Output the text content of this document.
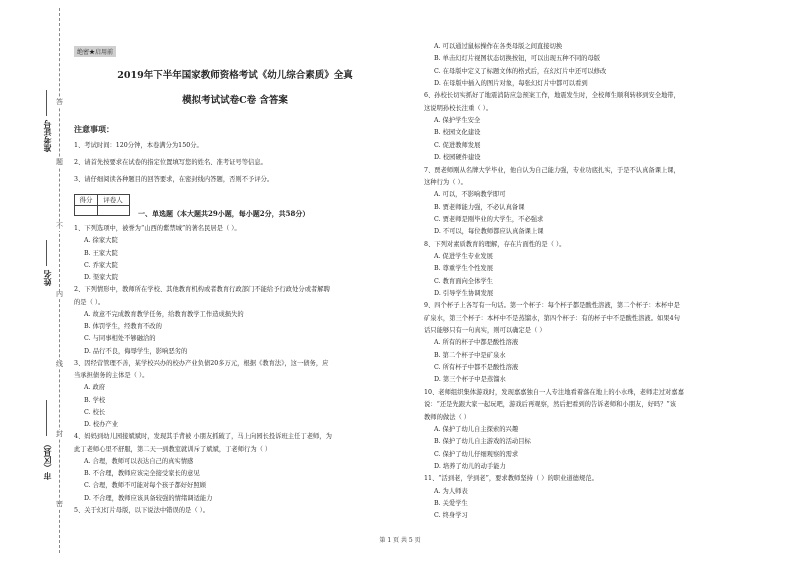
准考证号
姓名
市（区县）
答
题
不
内
线
封
密
绝密★启用前
2019年下半年国家教师资格考试《幼儿综合素质》全真
模拟考试试卷C卷 含答案
注意事项：
1、考试时间：120分钟，本卷满分为150分。
2、请首先按要求在试卷的指定位置填写您的姓名、准考证号等信息。
3、请仔细阅读各种题目的回答要求，在密封线内答题，否则不予评分。
得分	评卷人
一、单选题（本大题共29小题，每小题2分，共58分）
1、下列选项中，被誉为“山西的紫禁城”的著名民居是（ ）。
A. 徐家大院
B. 王家大院
C. 乔家大院
D. 渠家大院
2、下列情形中，教师所在学校、其他教育机构或者教育行政部门不能给予行政处分或者解聘
的是（ ）。
A. 故意不完成教育教学任务，给教育教学工作造成损失的
B. 体罚学生，经教育不改的
C. 与同事相处不够融洽的
D. 品行不良，侮辱学生，影响恶劣的
3、因经营管理不善，某学校兴办的校办产业负债20多万元，根据《教育法》，这一债务，应
当承担债务的主体是（ ）。
A. 政府
B. 学校
C. 校长
D. 校办产业
4、妈妈到幼儿园接斌斌时，发现其手背被 小朋友抓破了，马上向园长投诉班主任丁老师，为
此丁老师心里不舒服，第二天一到教室就训斥了斌斌，丁老师行为（ ）
A. 合理，教师可以表达自己的真实情感
B. 不合理，教师应该完全接受家长的意见
C. 合理，教师不可能对每个孩子都好好照顾
D. 不合理，教师应该具备较强的情绪调适能力
5、关于幻灯片母版，以下说法中错误的是（ ）。
A. 可以通过鼠标操作在各类母版之间直接切换
B. 单击幻灯片视图状态切换按钮，可以出现五种不同的母版
C. 在母版中定义了标题文体的格式后，在幻灯片中还可以修改
D. 在母版中插入的图片对象，每张幻灯片中都可以看到
6、孙校长切实抓好了地震消防应急预案工作，地震发生时，全校师生顺利转移到安全地带，
这说明孙校长注重（ ）。
A. 保护学生安全
B. 校园文化建设
C. 促进教师发展
D. 校园硬件建设
7、贾老师刚从名牌大学毕业，他自认为自己能力强，专业功底扎实，于是不认真备课上课，
这种行为（ ）。
A. 可以，不影响教学即可
B. 贾老师能力强，不必认真备课
C. 贾老师是刚毕业的大学生，不必强求
D. 不可以，每位教师都应认真备课上课
8、下列对素质教育的理解，存在片面性的是（ ）。
A. 促进学生专业发展
B. 尊重学生个性发展
C. 教育面向全体学生
D. 引导学生协调发展
9、四个杯子上各写有一句话。第一个杯子：每个杯子都是酸性溶液，第二个杯子：本杯中是
矿泉水，第三个杯子：本杯中不是蒸馏水，第四个杯子：有的杯子中不是酸性溶液。如果4句
话只能够只有一句真实，则可以确定是（ ）
A. 所有的杯子中都是酸性溶液
B. 第二个杯子中是矿泉水
C. 所有杯子中都不是酸性溶液
D. 第三个杯子中是蒸馏水
10、老师组织集体游戏时，发现嘉嘉独自一人专注地看着落在地上的小水珠，老师走过对嘉嘉
说：“还是先跟大家一起玩吧，游戏后再观察，然后把看到的告诉老师和小朋友，好吗？”该
教师的做法（ ）
A. 保护了幼儿自主探索的兴趣
B. 保护了幼儿自主游戏的活动目标
C. 保护了幼儿仔细观察的需求
D. 培养了幼儿的动手能力
11、“活到老，学到老”，要求教师坚持（ ）的职业道德规范。
A. 为人师表
B. 关爱学生
C. 终身学习
第 1 页 共 5 页
